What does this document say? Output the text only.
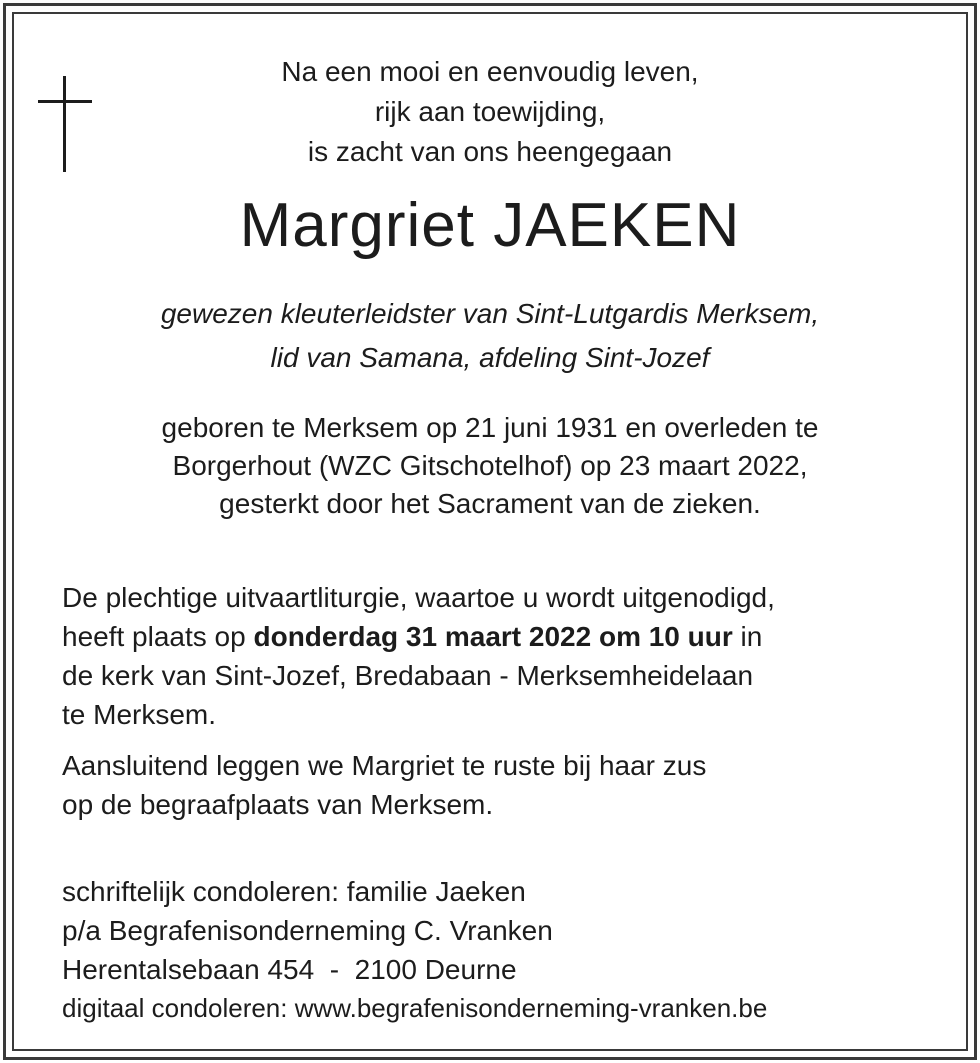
Na een mooi en eenvoudig leven,
rijk aan toewijding,
is zacht van ons heengegaan
Margriet JAEKEN
gewezen kleuterleidster van Sint-Lutgardis Merksem,
lid van Samana, afdeling Sint-Jozef
geboren te Merksem op 21 juni 1931 en overleden te
Borgerhout (WZC Gitschotelhof) op 23 maart 2022,
gesterkt door het Sacrament van de zieken.
De plechtige uitvaartliturgie, waartoe u wordt uitgenodigd,
heeft plaats op donderdag 31 maart 2022 om 10 uur in
de kerk van Sint-Jozef, Bredabaan - Merksemheidelaan
te Merksem.
Aansluitend leggen we Margriet te ruste bij haar zus
op de begraafplaats van Merksem.
schriftelijk condoleren: familie Jaeken
p/a Begrafenisonderneming C. Vranken
Herentalsebaan 454  -  2100 Deurne
digitaal condoleren: www.begrafenisonderneming-vranken.be
